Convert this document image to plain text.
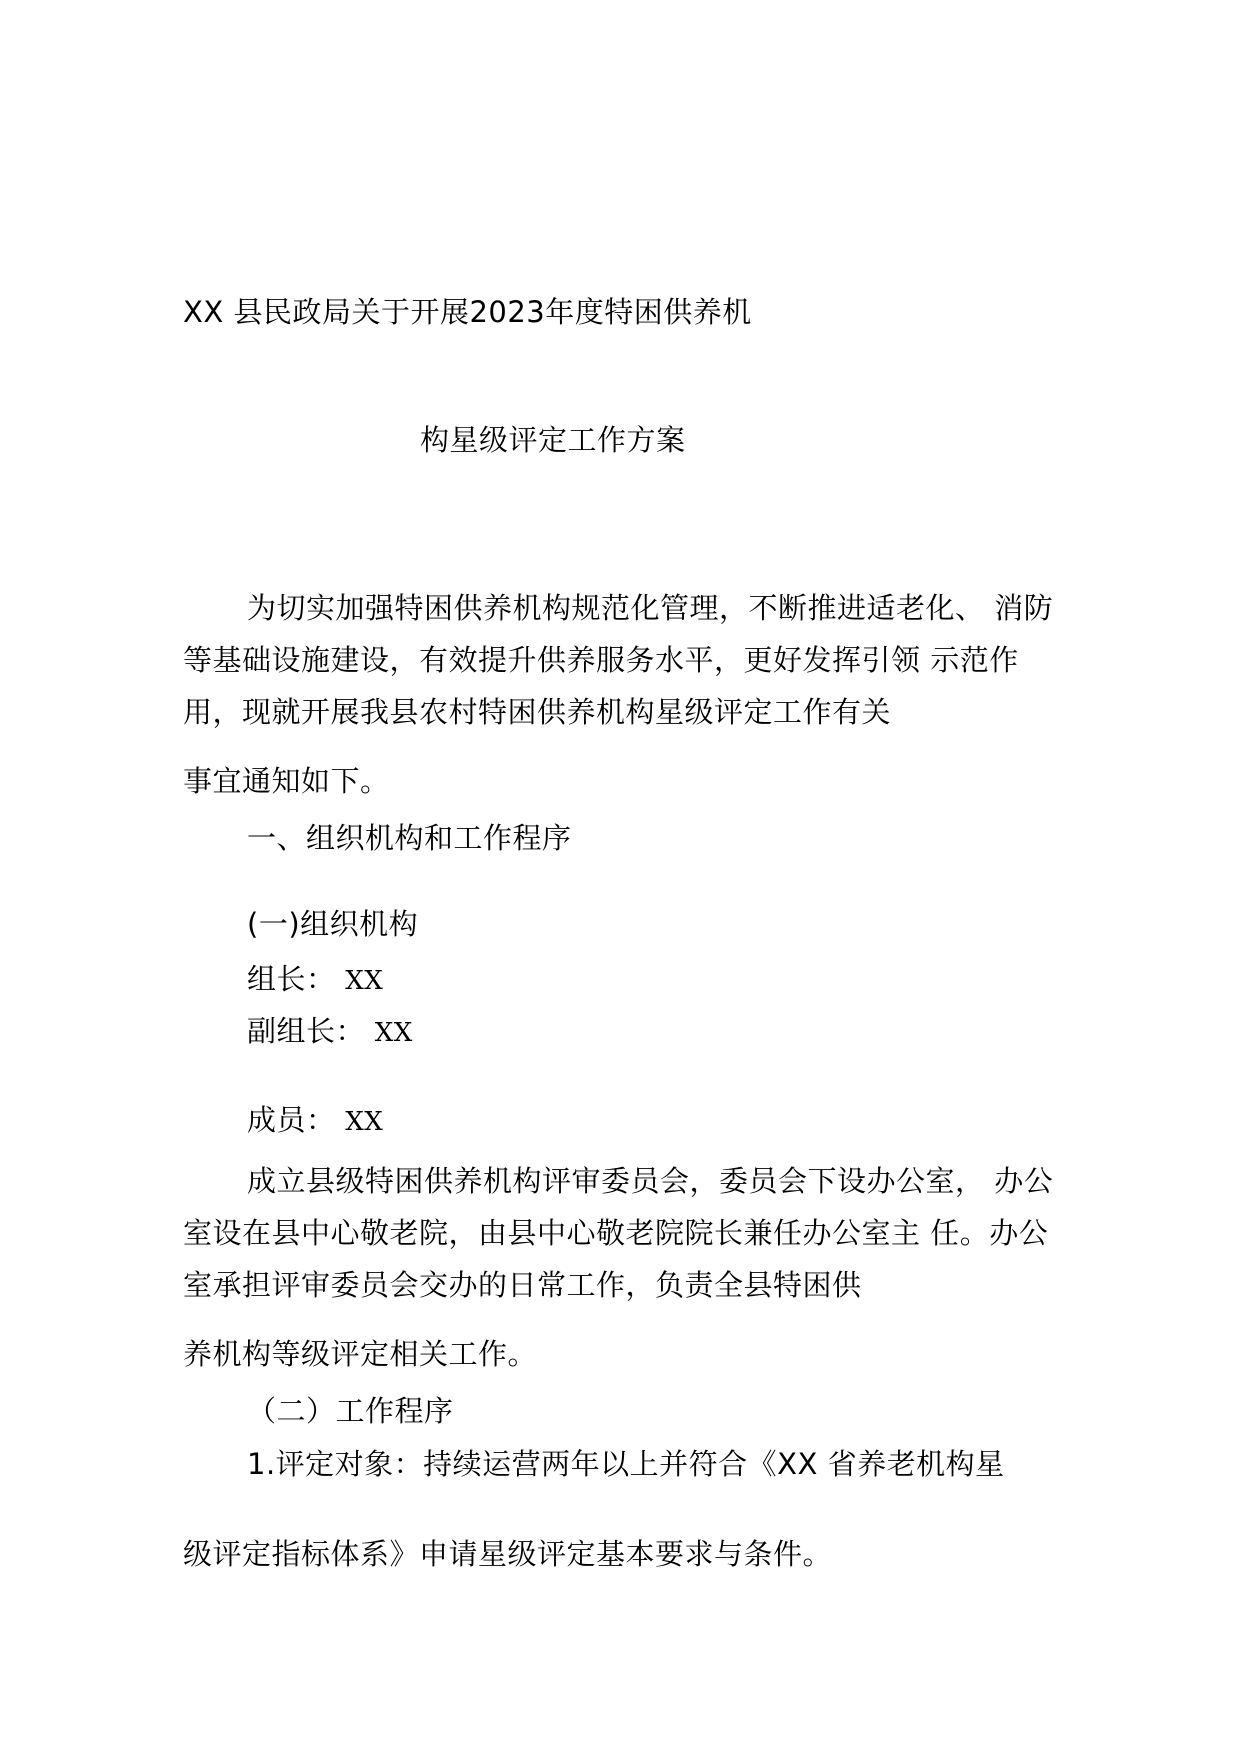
XX 县民政局关于开展2023年度特困供养机
构星级评定工作方案
为切实加强特困供养机构规范化管理，不断推进适老化、 消防
等基础设施建设，有效提升供养服务水平，更好发挥引领 示范作
用，现就开展我县农村特困供养机构星级评定工作有关
事宜通知如下。
一、组织机构和工作程序
(一)组织机构
组长： XX
副组长： XX
成员： XX
成立县级特困供养机构评审委员会，委员会下设办公室， 办公
室设在县中心敬老院，由县中心敬老院院长兼任办公室主 任。办公
室承担评审委员会交办的日常工作，负责全县特困供
养机构等级评定相关工作。
（二）工作程序
1.评定对象：持续运营两年以上并符合《XX 省养老机构星
级评定指标体系》申请星级评定基本要求与条件。
